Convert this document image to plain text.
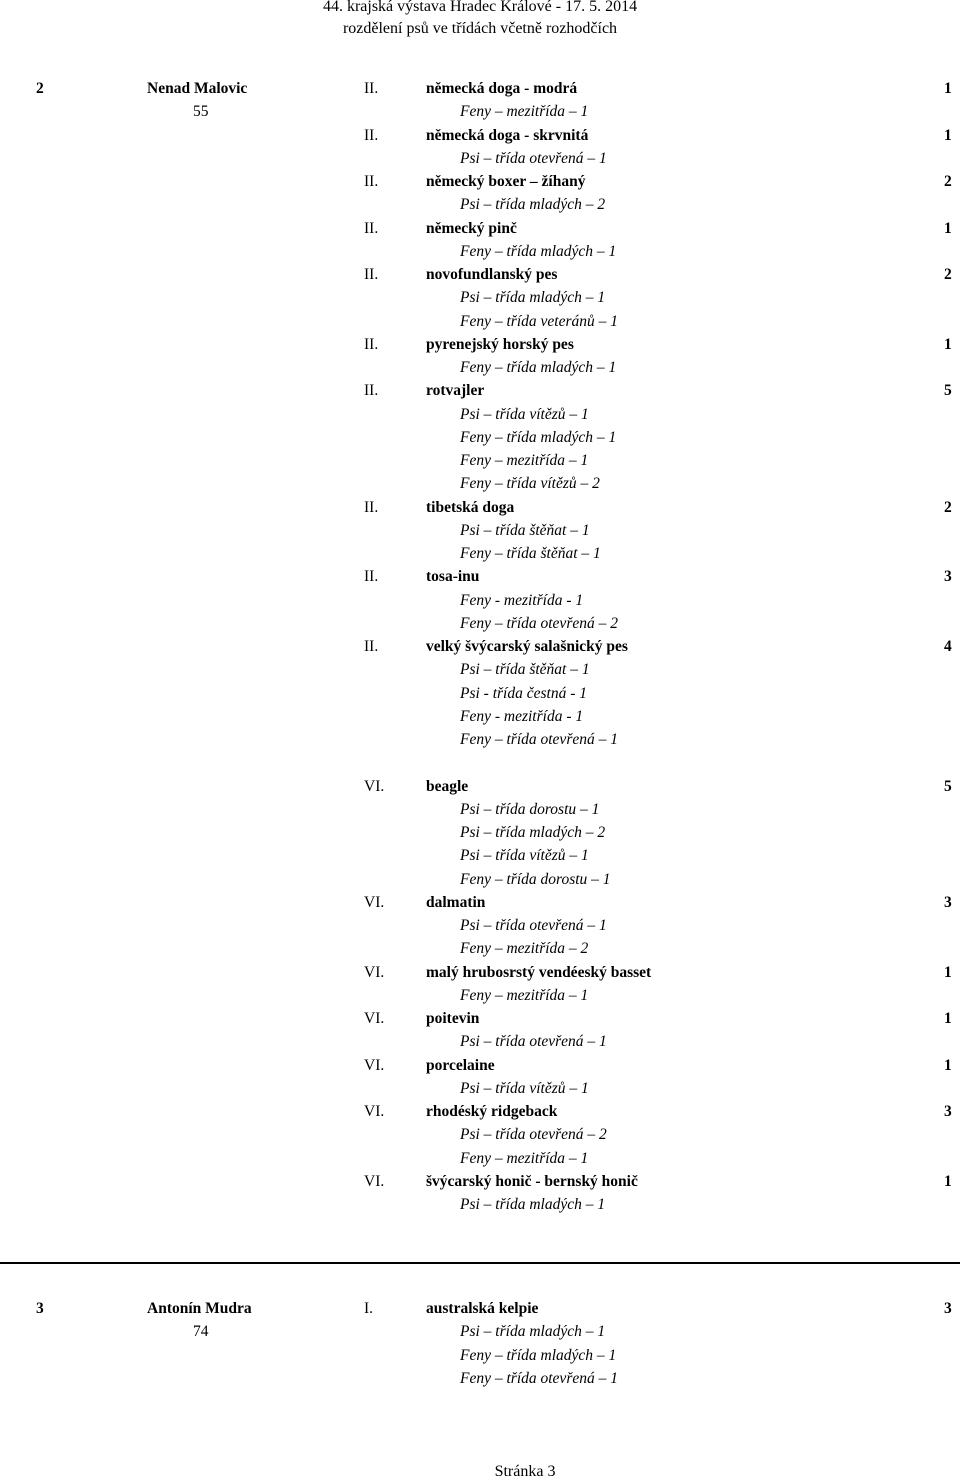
44. krajská výstava Hradec Králové - 17. 5. 2014
rozdělení psů ve třídách včetně rozhodčích
2	Nenad Malovic	II.	německá doga - modrá	1
55	Feny – mezitřída – 1
II.	německá doga - skrvnitá	1
Psi – třída otevřená – 1
II.	německý boxer – žíhaný	2
Psi – třída mladých – 2
II.	německý pinč	1
Feny – třída mladých – 1
II.	novofundlanský pes	2
Psi – třída mladých – 1
Feny – třída veteránů – 1
II.	pyrenejský horský pes	1
Feny – třída mladých – 1
II.	rotvajler	5
Psi – třída vítězů – 1
Feny – třída mladých – 1
Feny – mezitřída – 1
Feny – třída vítězů – 2
II.	tibetská doga	2
Psi – třída štěňat – 1
Feny – třída štěňat – 1
II.	tosa-inu	3
Feny - mezitřída - 1
Feny – třída otevřená – 2
II.	velký švýcarský salašnický pes	4
Psi – třída štěňat – 1
Psi - třída čestná - 1
Feny - mezitřída - 1
Feny – třída otevřená – 1
VI.	beagle	5
Psi – třída dorostu – 1
Psi – třída mladých – 2
Psi – třída vítězů – 1
Feny – třída dorostu – 1
VI.	dalmatin	3
Psi – třída otevřená – 1
Feny – mezitřída – 2
VI.	malý hrubosrstý vendéeský basset	1
Feny – mezitřída – 1
VI.	poitevin	1
Psi – třída otevřená – 1
VI.	porcelaine	1
Psi – třída vítězů – 1
VI.	rhodéský ridgeback	3
Psi – třída otevřená – 2
Feny – mezitřída – 1
VI.	švýcarský honič - bernský honič	1
Psi – třída mladých – 1
3	Antonín Mudra	I.	australská kelpie	3
74	Psi – třída mladých – 1
Feny – třída mladých – 1
Feny – třída otevřená – 1
Stránka 3
